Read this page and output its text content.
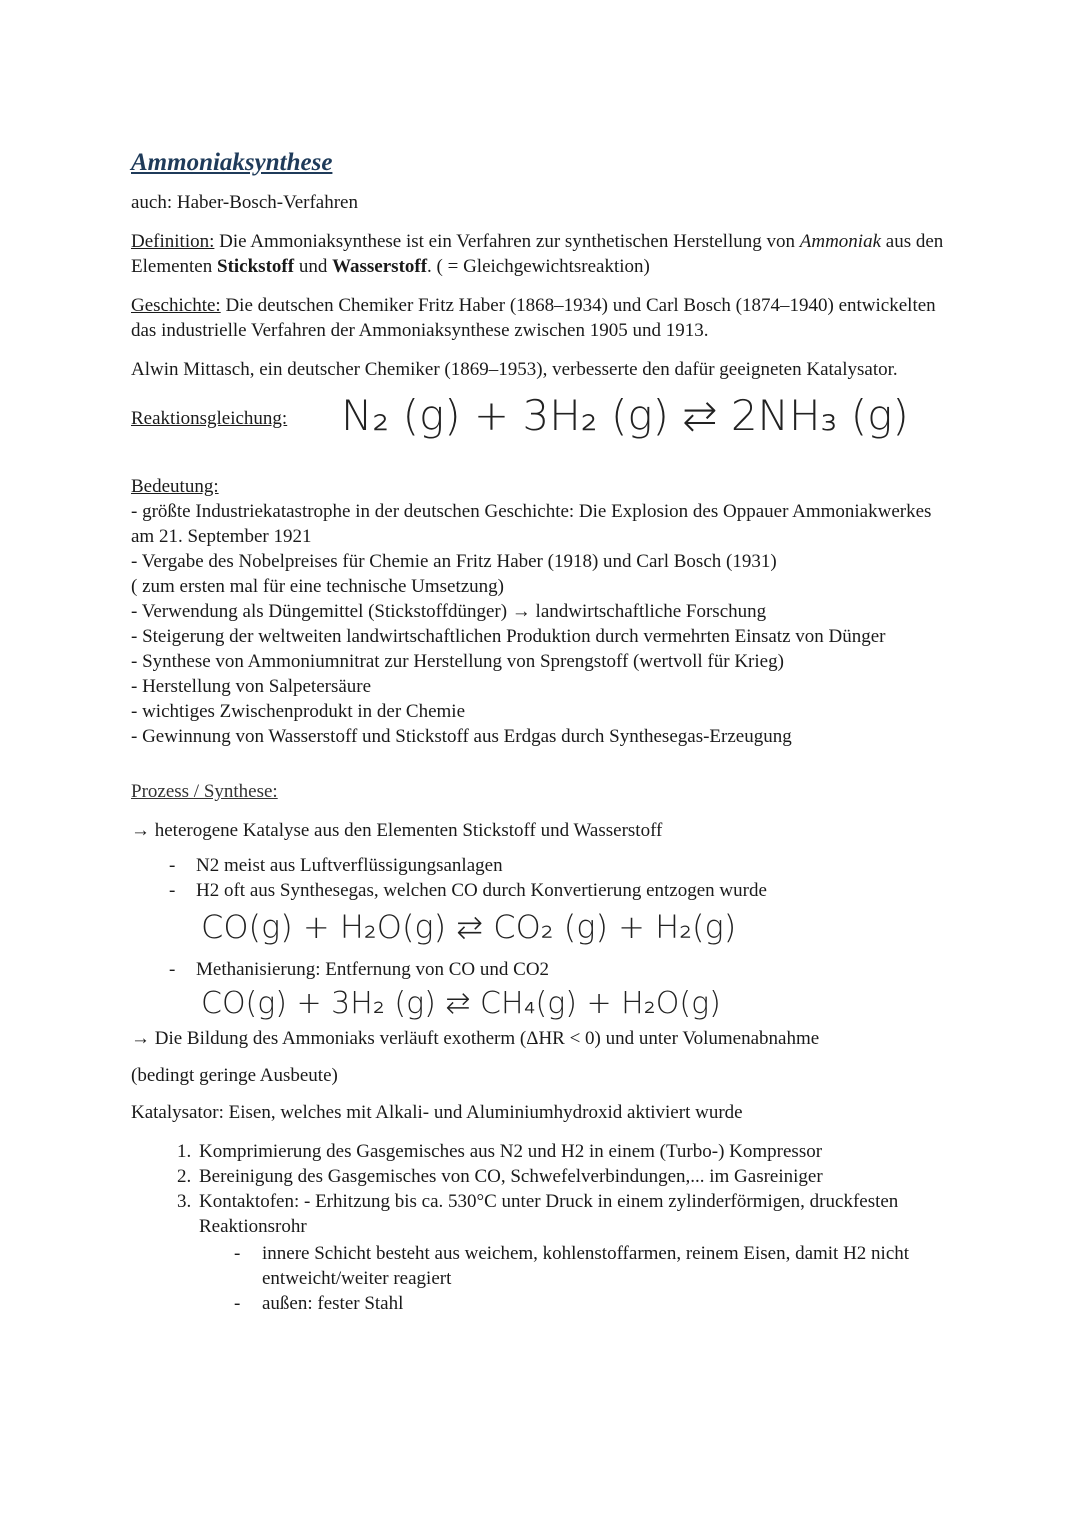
Ammoniaksynthese
auch: Haber-Bosch-Verfahren
Definition: Die Ammoniaksynthese ist ein Verfahren zur synthetischen Herstellung von Ammoniak aus den Elementen Stickstoff und Wasserstoff. ( = Gleichgewichtsreaktion)
Geschichte: Die deutschen Chemiker Fritz Haber (1868–1934) und Carl Bosch (1874–1940) entwickelten das industrielle Verfahren der Ammoniaksynthese zwischen 1905 und 1913.
Alwin Mittasch, ein deutscher Chemiker (1869–1953), verbesserte den dafür geeigneten Katalysator.
Reaktionsgleichung: N₂ (g) + 3H₂ (g) ⇄ 2NH₃ (g)
Bedeutung:
- größte Industriekatastrophe in der deutschen Geschichte: Die Explosion des Oppauer Ammoniakwerkes am 21. September 1921
- Vergabe des Nobelpreises für Chemie an Fritz Haber (1918) und Carl Bosch (1931)
( zum ersten mal für eine technische Umsetzung)
- Verwendung als Düngemittel (Stickstoffdünger) → landwirtschaftliche Forschung
- Steigerung der weltweiten landwirtschaftlichen Produktion durch vermehrten Einsatz von Dünger
- Synthese von Ammoniumnitrat zur Herstellung von Sprengstoff (wertvoll für Krieg)
- Herstellung von Salpetersäure
- wichtiges Zwischenprodukt in der Chemie
- Gewinnung von Wasserstoff und Stickstoff aus Erdgas durch Synthesegas-Erzeugung
Prozess / Synthese:
→ heterogene Katalyse aus den Elementen Stickstoff und Wasserstoff
- N2 meist aus Luftverflüssigungsanlagen
- H2 oft aus Synthesegas, welchen CO durch Konvertierung entzogen wurde
CO(g) + H₂O(g) ⇄ CO₂ (g) + H₂(g)
- Methanisierung: Entfernung von CO und CO2
CO(g) + 3H₂ (g) ⇄ CH₄(g) + H₂O(g)
→ Die Bildung des Ammoniaks verläuft exotherm (ΔHR < 0) und unter Volumenabnahme
(bedingt geringe Ausbeute)
Katalysator: Eisen, welches mit Alkali- und Aluminiumhydroxid aktiviert wurde
1. Komprimierung des Gasgemisches aus N2 und H2 in einem (Turbo-) Kompressor
2. Bereinigung des Gasgemisches von CO, Schwefelverbindungen,... im Gasreiniger
3. Kontaktofen: - Erhitzung bis ca. 530°C unter Druck in einem zylinderförmigen, druckfesten Reaktionsrohr
- innere Schicht besteht aus weichem, kohlenstoffarmen, reinem Eisen, damit H2 nicht entweicht/weiter reagiert
- außen: fester Stahl
